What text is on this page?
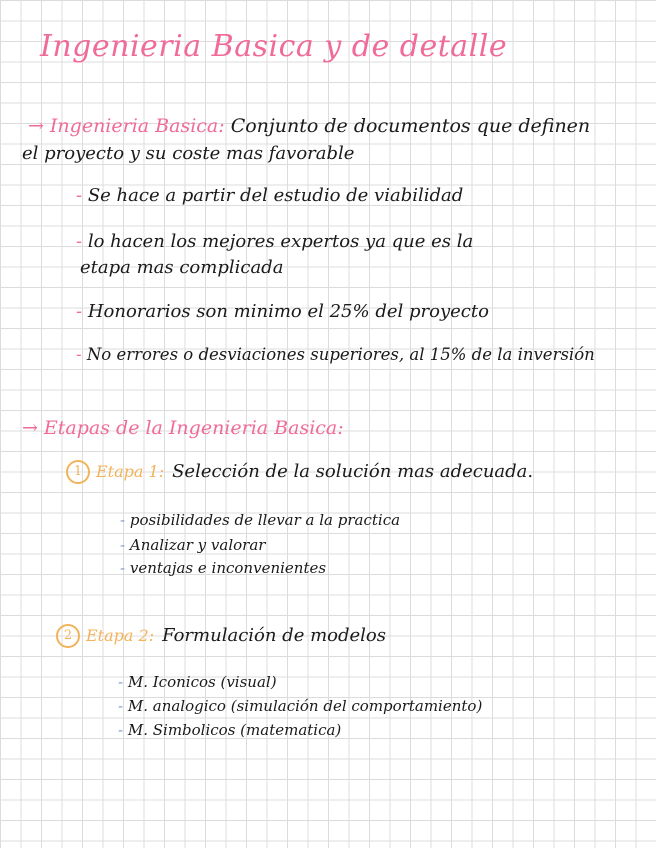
Ingenieria Basica y de detalle
→ Ingenieria Basica: Conjunto de documentos que definen
el proyecto y su coste mas favorable
- Se hace a partir del estudio de viabilidad
- lo hacen los mejores expertos ya que es la
etapa mas complicada
- Honorarios son minimo el 25% del proyecto
- No errores o desviaciones superiores, al 15% de la inversión
→ Etapas de la Ingenieria Basica:
1 Etapa 1: Selección de la solución mas adecuada.
- posibilidades de llevar a la practica
- Analizar y valorar
- ventajas e inconvenientes
2 Etapa 2: Formulación de modelos
- M. Iconicos (visual)
- M. analogico (simulación del comportamiento)
- M. Simbolicos (matematica)
